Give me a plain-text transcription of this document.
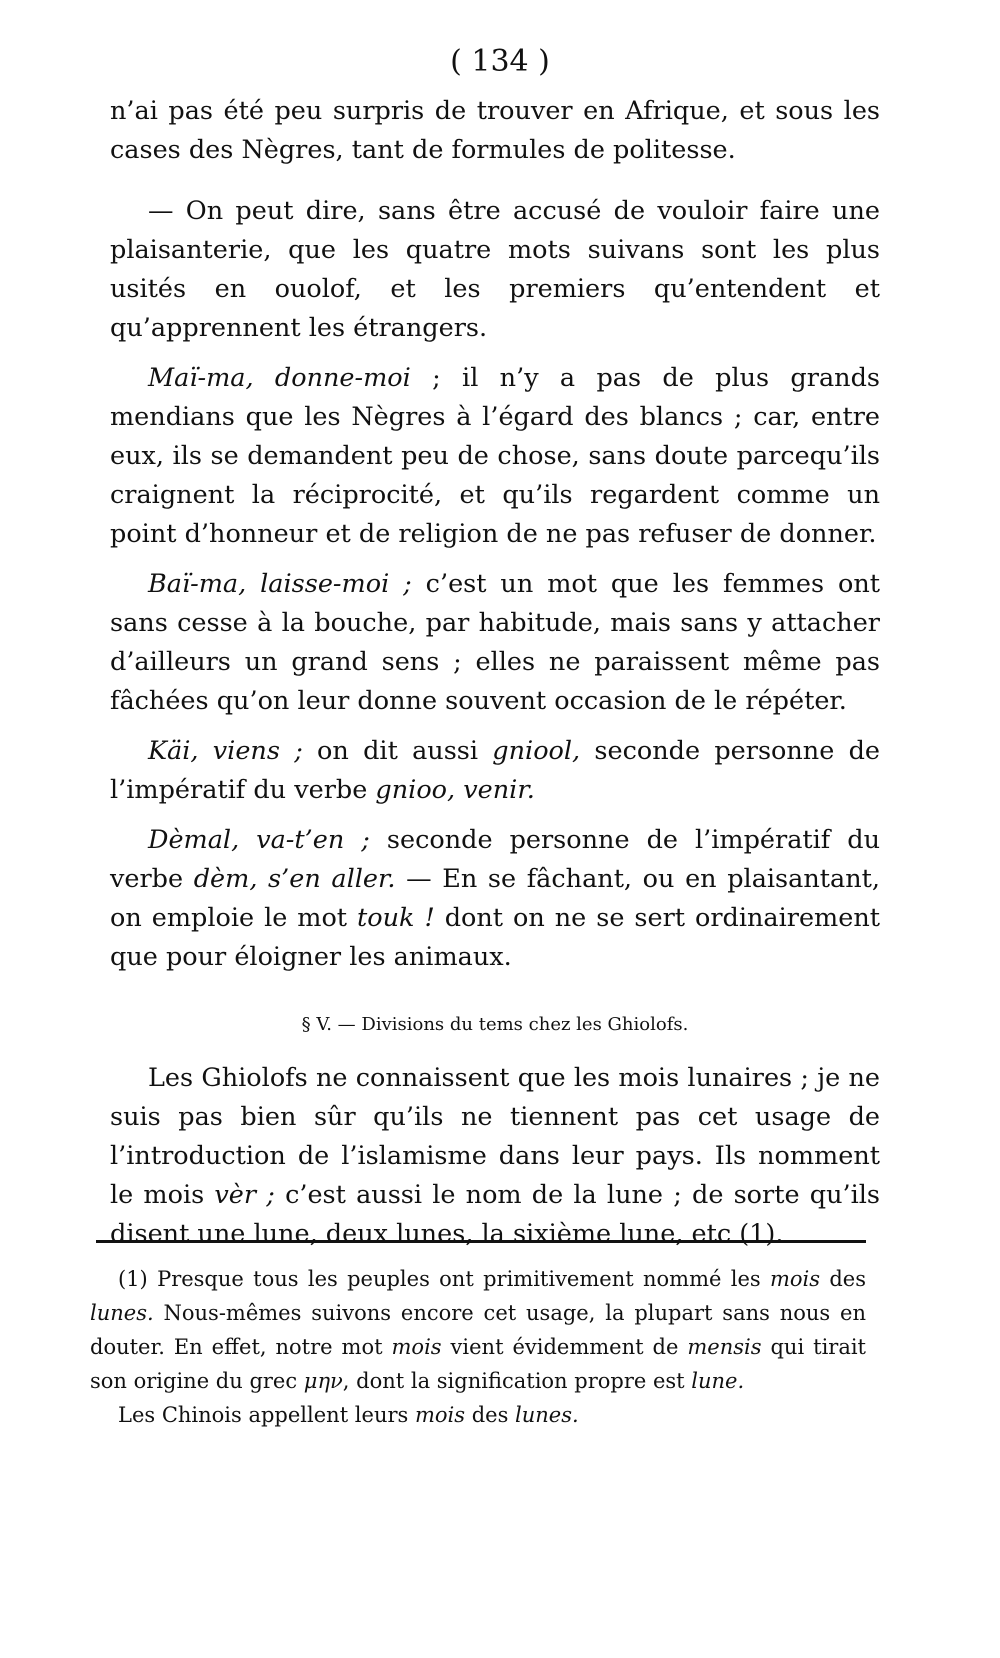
( 134 )

n’ai pas été peu surpris de trouver en Afrique, et sous les cases des Nègres, tant de formules de politesse.

— On peut dire, sans être accusé de vouloir faire une plaisanterie, que les quatre mots suivans sont les plus usités en ouolof, et les premiers qu’entendent et qu’apprennent les étrangers.

Maï-ma, donne-moi ; il n’y a pas de plus grands mendians que les Nègres à l’égard des blancs ; car, entre eux, ils se demandent peu de chose, sans doute parcequ’ils craignent la réciprocité, et qu’ils regardent comme un point d’honneur et de religion de ne pas refuser de donner.

Baï-ma, laisse-moi ; c’est un mot que les femmes ont sans cesse à la bouche, par habitude, mais sans y attacher d’ailleurs un grand sens ; elles ne paraissent même pas fâchées qu’on leur donne souvent occasion de le répéter.

Käi, viens ; on dit aussi gniool, seconde personne de l’impératif du verbe gnioo, venir.

Dèmal, va-t’en ; seconde personne de l’impératif du verbe dèm, s’en aller. — En se fâchant, ou en plaisantant, on emploie le mot touk ! dont on ne se sert ordinairement que pour éloigner les animaux.

§ V. — Divisions du tems chez les Ghiolofs.

Les Ghiolofs ne connaissent que les mois lunaires ; je ne suis pas bien sûr qu’ils ne tiennent pas cet usage de l’introduction de l’islamisme dans leur pays. Ils nomment le mois vèr ; c’est aussi le nom de la lune ; de sorte qu’ils disent une lune, deux lunes, la sixième lune, etc (1).

(1) Presque tous les peuples ont primitivement nommé les mois des lunes. Nous-mêmes suivons encore cet usage, la plupart sans nous en douter. En effet, notre mot mois vient évidemment de mensis qui tirait son origine du grec μην, dont la signification propre est lune.

Les Chinois appellent leurs mois des lunes.
